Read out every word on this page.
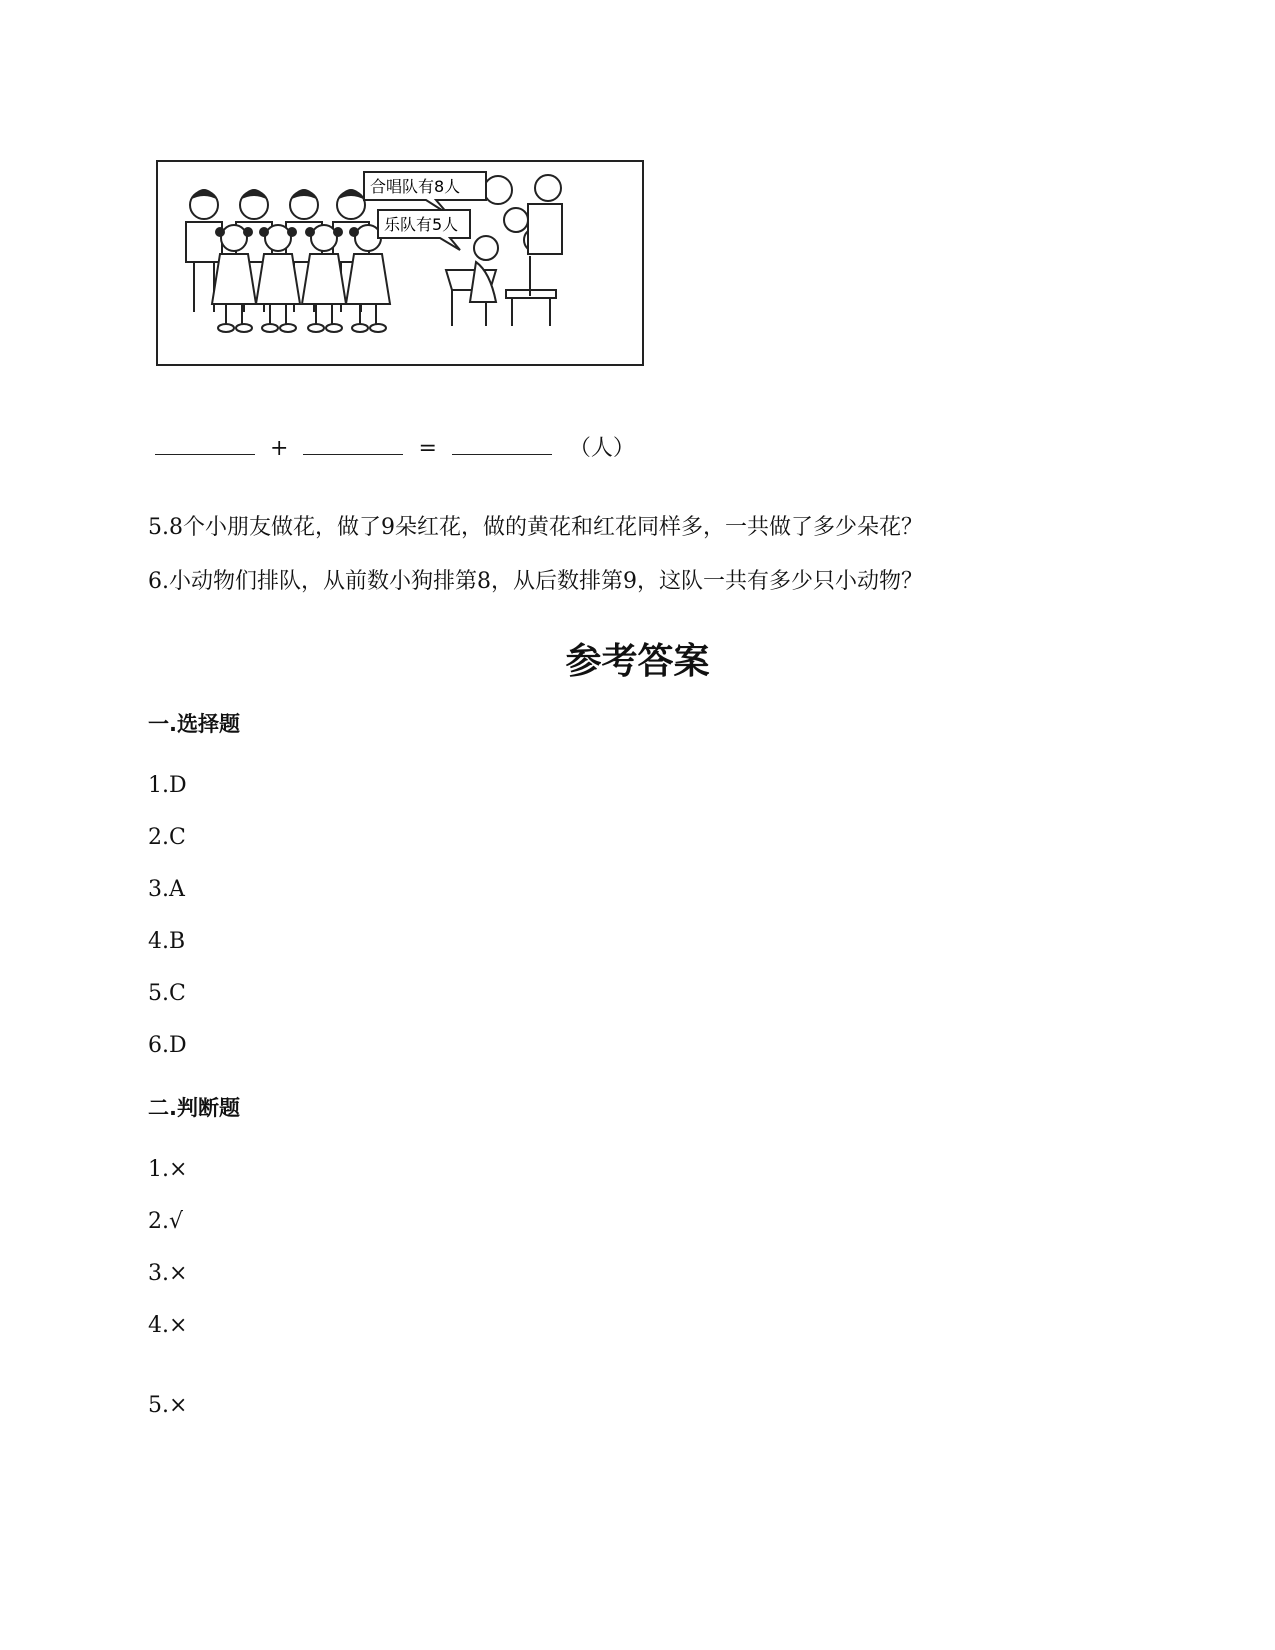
合唱队有8人
乐队有5人
+	=	（人）
5.8个小朋友做花，做了9朵红花，做的黄花和红花同样多，一共做了多少朵花？
6.小动物们排队，从前数小狗排第8，从后数排第9，这队一共有多少只小动物？
参考答案
一.选择题
1.D
2.C
3.A
4.B
5.C
6.D
二.判断题
1.×
2.√
3.×
4.×
5.×
